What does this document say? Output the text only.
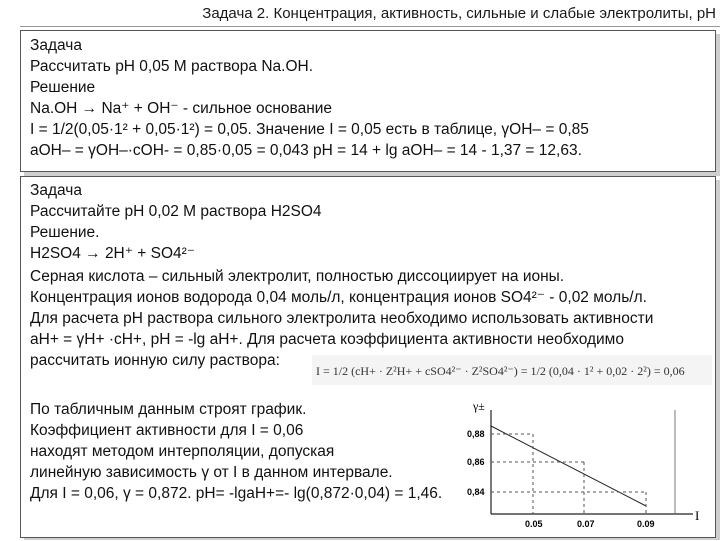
Задача 2. Концентрация, активность, сильные и слабые электролиты, pH
Задача
Рассчитать pH 0,05 М раствора Na.OH.
Решение
Na.OH → Na⁺ + OH⁻ - сильное основание
I = 1/2(0,05·1² + 0,05·1²) = 0,05. Значение I = 0,05 есть в таблице, γOH– = 0,85
aOH– = γOH–·cOH- = 0,85·0,05 = 0,043 pH = 14 + lg aOH– = 14 - 1,37 = 12,63.
Задача
Рассчитайте pH 0,02 M раствора H2SO4
Решение.
H2SO4 → 2H⁺ + SO4²⁻
Серная кислота – сильный электролит, полностью диссоциирует на ионы.
Концентрация ионов водорода 0,04 моль/л, концентрация ионов SO4²⁻ - 0,02 моль/л.
Для расчета pH раствора сильного электролита необходимо использовать активности
aH+ = γH+ ·cH+, pH = -lg aH+. Для расчета коэффициента активности необходимо
рассчитать ионную силу раствора:
I = 1/2 (cH+ · Z²H+ + cSO4²⁻ · Z²SO4²⁻) = 1/2 (0,04 · 1² + 0,02 · 2²) = 0,06
По табличным данным строят график.
Коэффициент активности для I = 0,06
находят методом интерполяции, допуская
линейную зависимость γ от I в данном интервале.
Для I = 0,06, γ = 0,872. pH= -lgaH+=- lg(0,872·0,04) = 1,46.
γ±
0,88
0,86
0,84
0.05	0.07	0.09
I
